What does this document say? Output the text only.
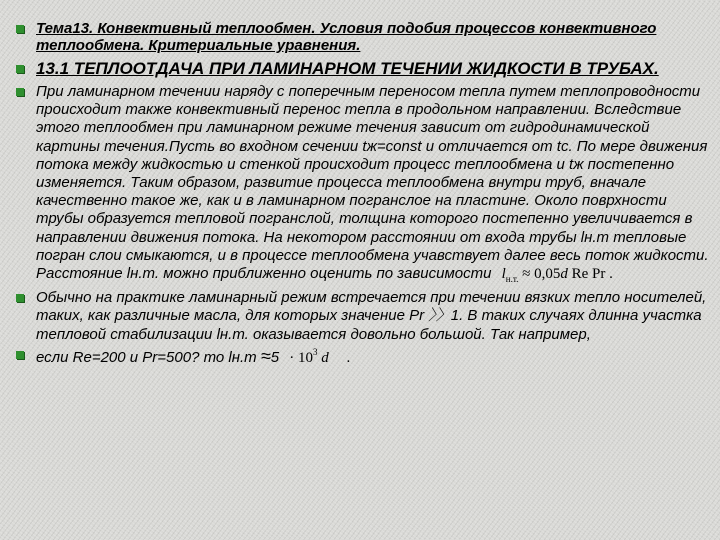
Тема13. Конвективный теплообмен. Условия подобия процессов конвективного теплообмена. Критериальные уравнения.
13.1 ТЕПЛООТДАЧА ПРИ ЛАМИНАРНОМ ТЕЧЕНИИ ЖИДКОСТИ В ТРУБАХ.
При ламинарном течении наряду с поперечным переносом тепла путем теплопроводности происходит также конвективный перенос тепла в продольном направлении. Вследствие этого теплообмен при ламинарном режиме течения зависит от гидродинамической картины течения.Пусть во входном сечении tж=const и отличается от tc. По мере движения потока между жидкостью и стенкой происходит процесс теплообмена и tж постепенно изменяется. Таким образом, развитие процесса теплообмена внутри труб, вначале качественно такое же, как и в ламинарном погранслое на пластине. Около поврхности трубы образуется тепловой погранслой, толщина которого постепенно увеличивается в направлении движения потока. На некотором расстоянии от входа трубы lн.т тепловые погран слои смыкаются, и в процессе теплообмена учавствует далее весь поток жидкости. Расстояние lн.т. можно приближенно оценить по зависимости $l_{н.т.} \approx 0,05d$ Re Pr .
Обычно на практике ламинарный режим встречается при течении вязких тепло носителей, таких, как различные масла, для которых значение Pr 〉〉1. В таких случаях длинна участка тепловой стабилизации lн.т. оказывается довольно большой. Так например,
если Re=200 и Pr=500? то $lн.т \approx 5 \cdot 10^3$ d .
